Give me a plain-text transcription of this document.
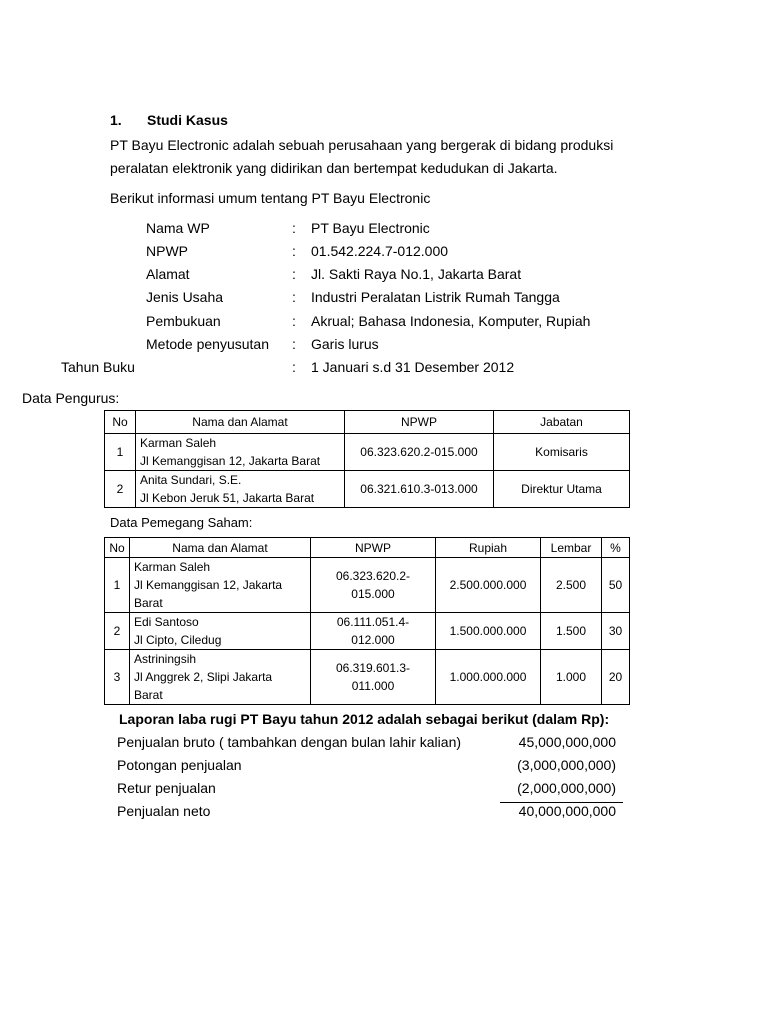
1. Studi Kasus
PT Bayu Electronic adalah sebuah perusahaan yang bergerak di bidang produksi
peralatan elektronik yang didirikan dan bertempat kedudukan di Jakarta.
Berikut informasi umum tentang PT Bayu Electronic
Nama WP	: PT Bayu Electronic
NPWP	: 01.542.224.7-012.000
Alamat	: Jl. Sakti Raya No.1, Jakarta Barat
Jenis Usaha	: Industri Peralatan Listrik Rumah Tangga
Pembukuan	: Akrual; Bahasa Indonesia, Komputer, Rupiah
Metode penyusutan : Garis lurus
Tahun Buku	: 1 Januari s.d 31 Desember 2012
Data Pengurus:
No	Nama dan Alamat	NPWP	Jabatan
1	Karman Saleh
Jl Kemanggisan 12, Jakarta Barat	06.323.620.2-015.000	Komisaris
2	Anita Sundari, S.E.
Jl Kebon Jeruk 51, Jakarta Barat	06.321.610.3-013.000	Direktur Utama
Data Pemegang Saham:
No	Nama dan Alamat	NPWP	Rupiah	Lembar	%
1	Karman Saleh
Jl Kemanggisan 12, Jakarta
Barat	06.323.620.2-
015.000	2.500.000.000	2.500	50
2	Edi Santoso
Jl Cipto, Ciledug	06.111.051.4-
012.000	1.500.000.000	1.500	30
3	Astriningsih
Jl Anggrek 2, Slipi Jakarta
Barat	06.319.601.3-
011.000	1.000.000.000	1.000	20
Laporan laba rugi PT Bayu tahun 2012 adalah sebagai berikut (dalam Rp):
Penjualan bruto ( tambahkan dengan bulan lahir kalian)	45,000,000,000
Potongan penjualan	(3,000,000,000)
Retur penjualan	(2,000,000,000)
Penjualan neto	40,000,000,000
